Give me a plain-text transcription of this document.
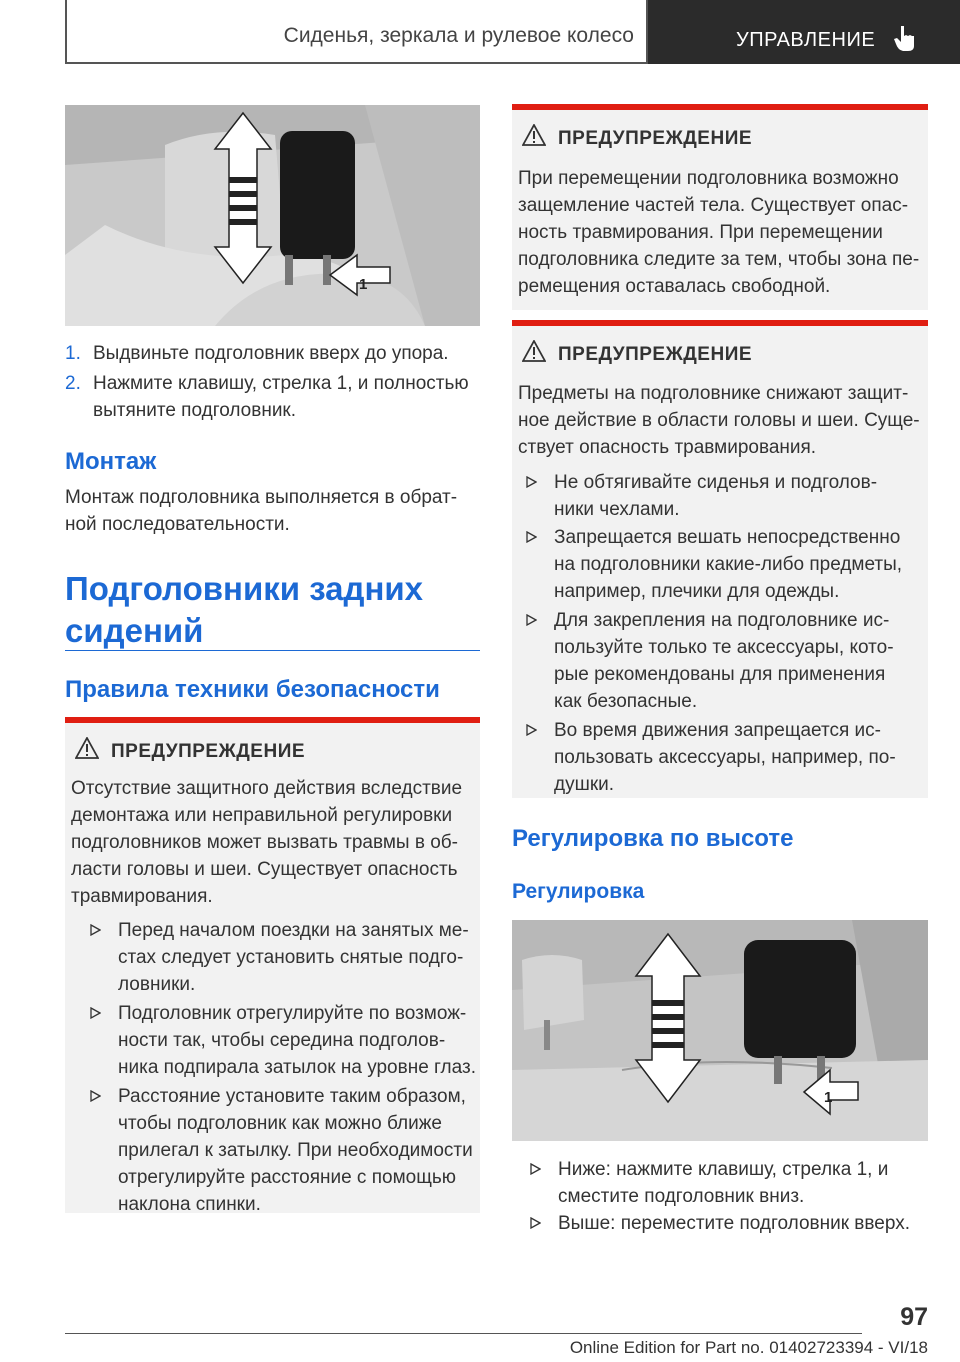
Сиденья, зеркала и рулевое колесо	УПРАВЛЕНИЕ
1
1. Выдвиньте подголовник вверх до упора.
2. Нажмите клавишу, стрелка 1, и полностью вытяните подголовник.
Монтаж
Монтаж подголовника выполняется в обратной последовательности.
Подголовники задних сидений
Правила техники безопасности
ПРЕДУПРЕЖДЕНИЕ
Отсутствие защитного действия вследствие демонтажа или неправильной регулировки подголовников может вызвать травмы в области головы и шеи. Существует опасность травмирования.
Перед началом поездки на занятых местах следует установить снятые подголовники.
Подголовник отрегулируйте по возможности так, чтобы середина подголовника подпирала затылок на уровне глаз.
Расстояние установите таким образом, чтобы подголовник как можно ближе прилегал к затылку. При необходимости отрегулируйте расстояние с помощью наклона спинки.
ПРЕДУПРЕЖДЕНИЕ
При перемещении подголовника возможно защемление частей тела. Существует опасность травмирования. При перемещении подголовника следите за тем, чтобы зона перемещения оставалась свободной.
ПРЕДУПРЕЖДЕНИЕ
Предметы на подголовнике снижают защитное действие в области головы и шеи. Существует опасность травмирования.
Не обтягивайте сиденья и подголовники чехлами.
Запрещается вешать непосредственно на подголовники какие-либо предметы, например, плечики для одежды.
Для закрепления на подголовнике используйте только те аксессуары, которые рекомендованы для применения как безопасные.
Во время движения запрещается использовать аксессуары, например, подушки.
Регулировка по высоте
Регулировка
1
Ниже: нажмите клавишу, стрелка 1, и сместите подголовник вниз.
Выше: переместите подголовник вверх.
97
Online Edition for Part no. 01402723394 - VI/18
